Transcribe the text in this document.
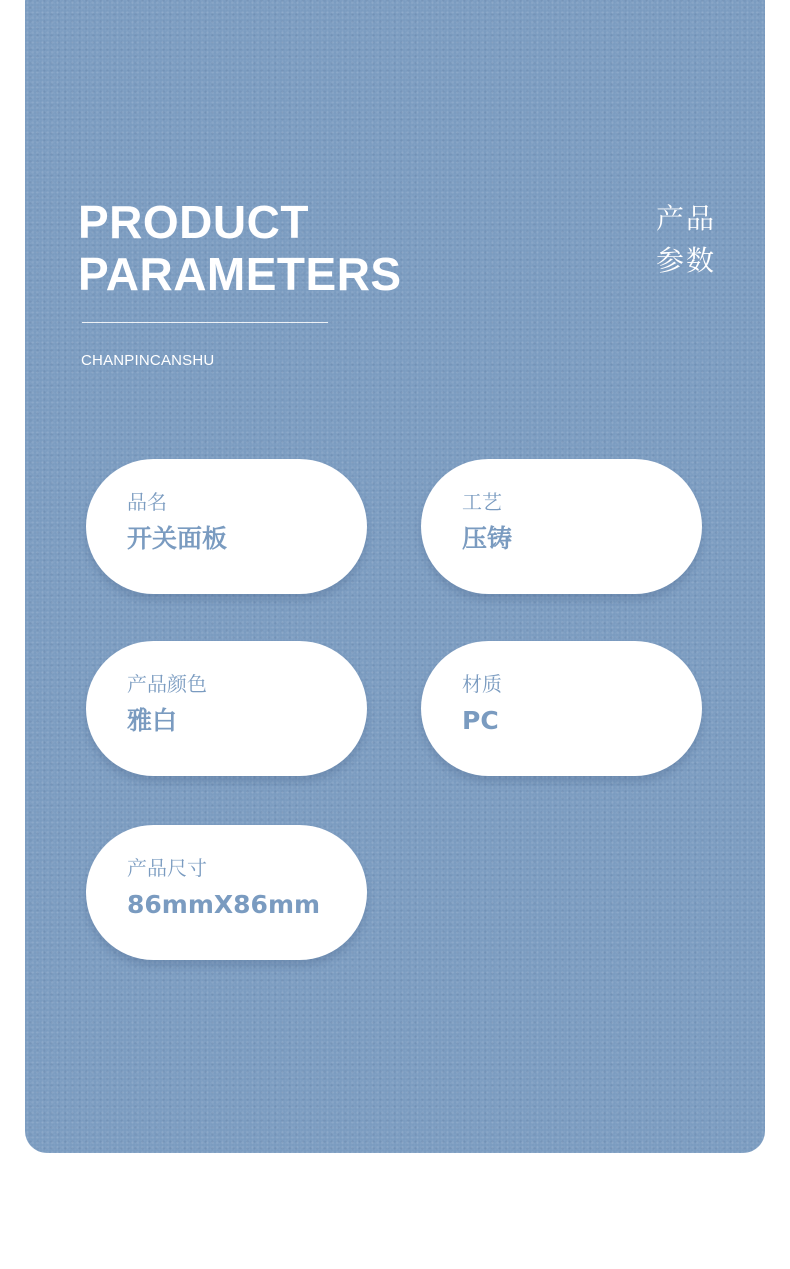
PRODUCT
PARAMETERS
产品
参数
CHANPINCANSHU
品名
开关面板
工艺
压铸
产品颜色
雅白
材质
PC
产品尺寸
86mmX86mm
